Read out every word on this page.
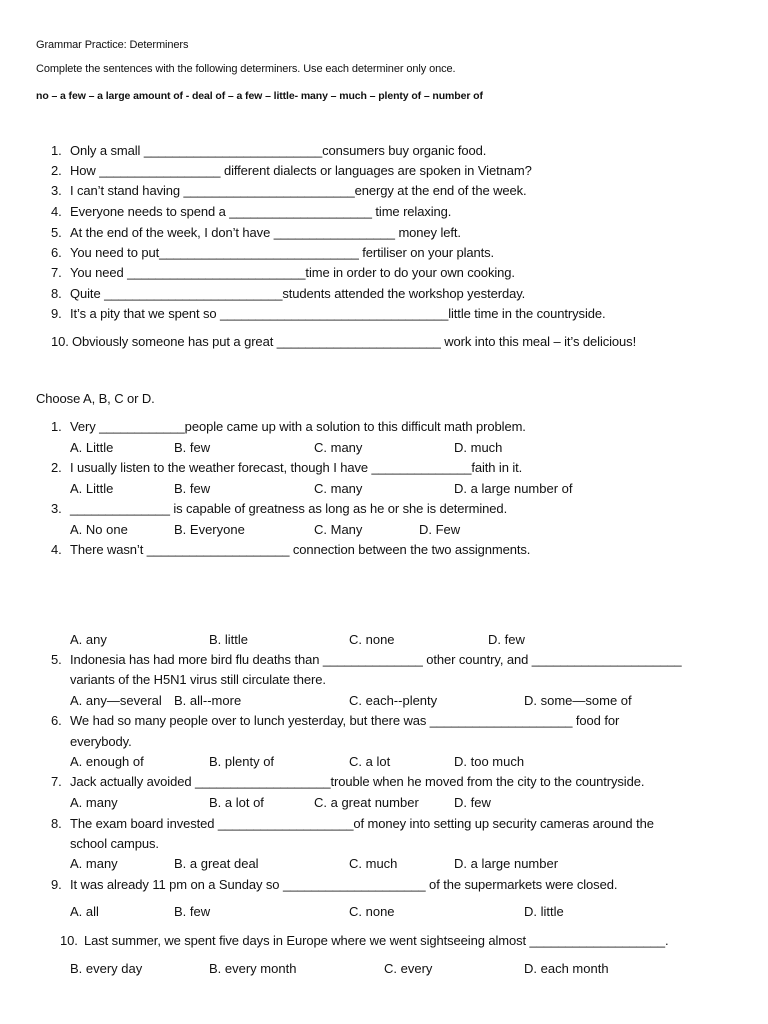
Grammar Practice: Determiners
Complete the sentences with the following determiners. Use each determiner only once.
no – a few – a large amount of - deal of – a few – little- many – much – plenty of – number of
1. Only a small _________________________consumers buy organic food.
2. How _________________ different dialects or languages are spoken in Vietnam?
3. I can’t stand having ________________________energy at the end of the week.
4. Everyone needs to spend a ____________________ time relaxing.
5. At the end of the week, I don’t have _________________ money left.
6. You need to put____________________________ fertiliser on your plants.
7. You need _________________________time in order to do your own cooking.
8. Quite _________________________students attended the workshop yesterday.
9. It’s a pity that we spent so ________________________________little time in the countryside.
10. Obviously someone has put a great _______________________ work into this meal – it’s delicious!
Choose A, B, C or D.
1. Very ____________people came up with a solution to this difficult math problem.
A. Little	B. few	C. many	D. much
2. I usually listen to the weather forecast, though I have ______________faith in it.
A. Little	B. few	C. many	D. a large number of
3. ______________ is capable of greatness as long as he or she is determined.
A. No one	B. Everyone	C. Many	D. Few
4. There wasn’t ____________________ connection between the two assignments.
A. any	B. little	C. none	D. few
5. Indonesia has had more bird flu deaths than ______________ other country, and _____________________
variants of the H5N1 virus still circulate there.
A. any—several B. all--more	C. each--plenty	D. some—some of
6. We had so many people over to lunch yesterday, but there was ____________________ food for
everybody.
A. enough of	B. plenty of	C. a lot	D. too much
7. Jack actually avoided ___________________trouble when he moved from the city to the countryside.
A. many	B. a lot of	C. a great number	D. few
8. The exam board invested ___________________of money into setting up security cameras around the
school campus.
A. many	B. a great deal	C. much	D. a large number
9. It was already 11 pm on a Sunday so ____________________ of the supermarkets were closed.
A. all	B. few	C. none	D. little
10. Last summer, we spent five days in Europe where we went sightseeing almost ___________________.
B. every day	B. every month	C. every	D. each month
